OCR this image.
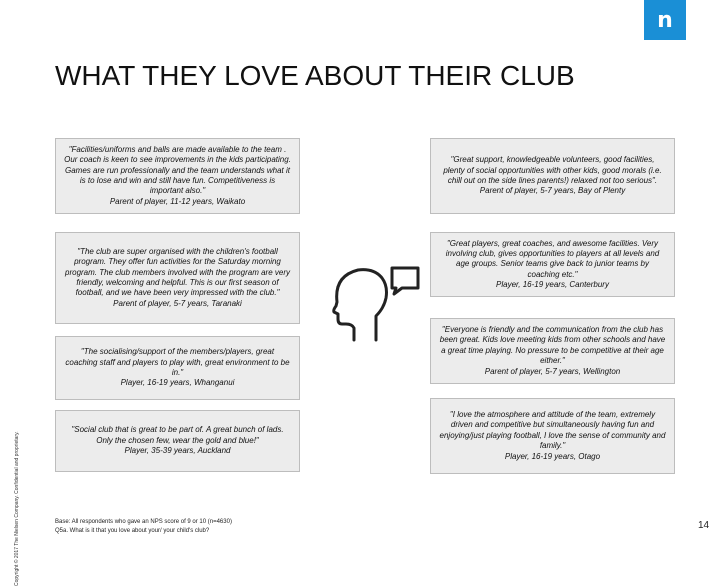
n
WHAT THEY LOVE ABOUT THEIR CLUB
Copyright © 2017 The Nielsen Company. Confidential and proprietary.
"Facilities/uniforms and balls are made available to the team . Our coach is keen to see improvements in the kids participating. Games are run professionally and the team understands what it is to lose and win and still have fun. Competitiveness is important also."
Parent of player, 11-12 years, Waikato
"The club are super organised with the children's football program. They offer fun activities for the Saturday morning program. The club members involved with the program are very friendly, welcoming and helpful. This is our first season of football, and we have been very impressed with the club."
Parent of player, 5-7 years, Taranaki
"The socialising/support of the members/players, great coaching staff and players to play with, great environment to be in."
Player, 16-19 years, Whanganui
"Social club that is great to be part of. A great bunch of lads. Only the chosen few, wear the gold and blue!"
Player, 35-39 years, Auckland
"Great support, knowledgeable volunteers, good facilities, plenty of social opportunities with other kids, good morals (i.e. chill out on the side lines parents!) relaxed not too serious".
Parent of player, 5-7 years, Bay of Plenty
"Great players, great coaches, and awesome facilities. Very involving club, gives opportunities to players at all levels and age groups. Senior teams give back to junior teams by coaching etc."
Player, 16-19 years, Canterbury
"Everyone is friendly and the communication from the club has been great. Kids love meeting kids from other schools and have a great time playing. No pressure to be competitive at their age either."
Parent of player, 5-7 years, Wellington
"I love the atmosphere and attitude of the team, extremely driven and competitive but simultaneously having fun and enjoying/just playing football, I love the sense of community and family."
Player, 16-19 years, Otago
Base: All respondents who gave an NPS score of 9 or 10 (n=4630)
Q5a. What is it that you love about your/ your child's club?	14
